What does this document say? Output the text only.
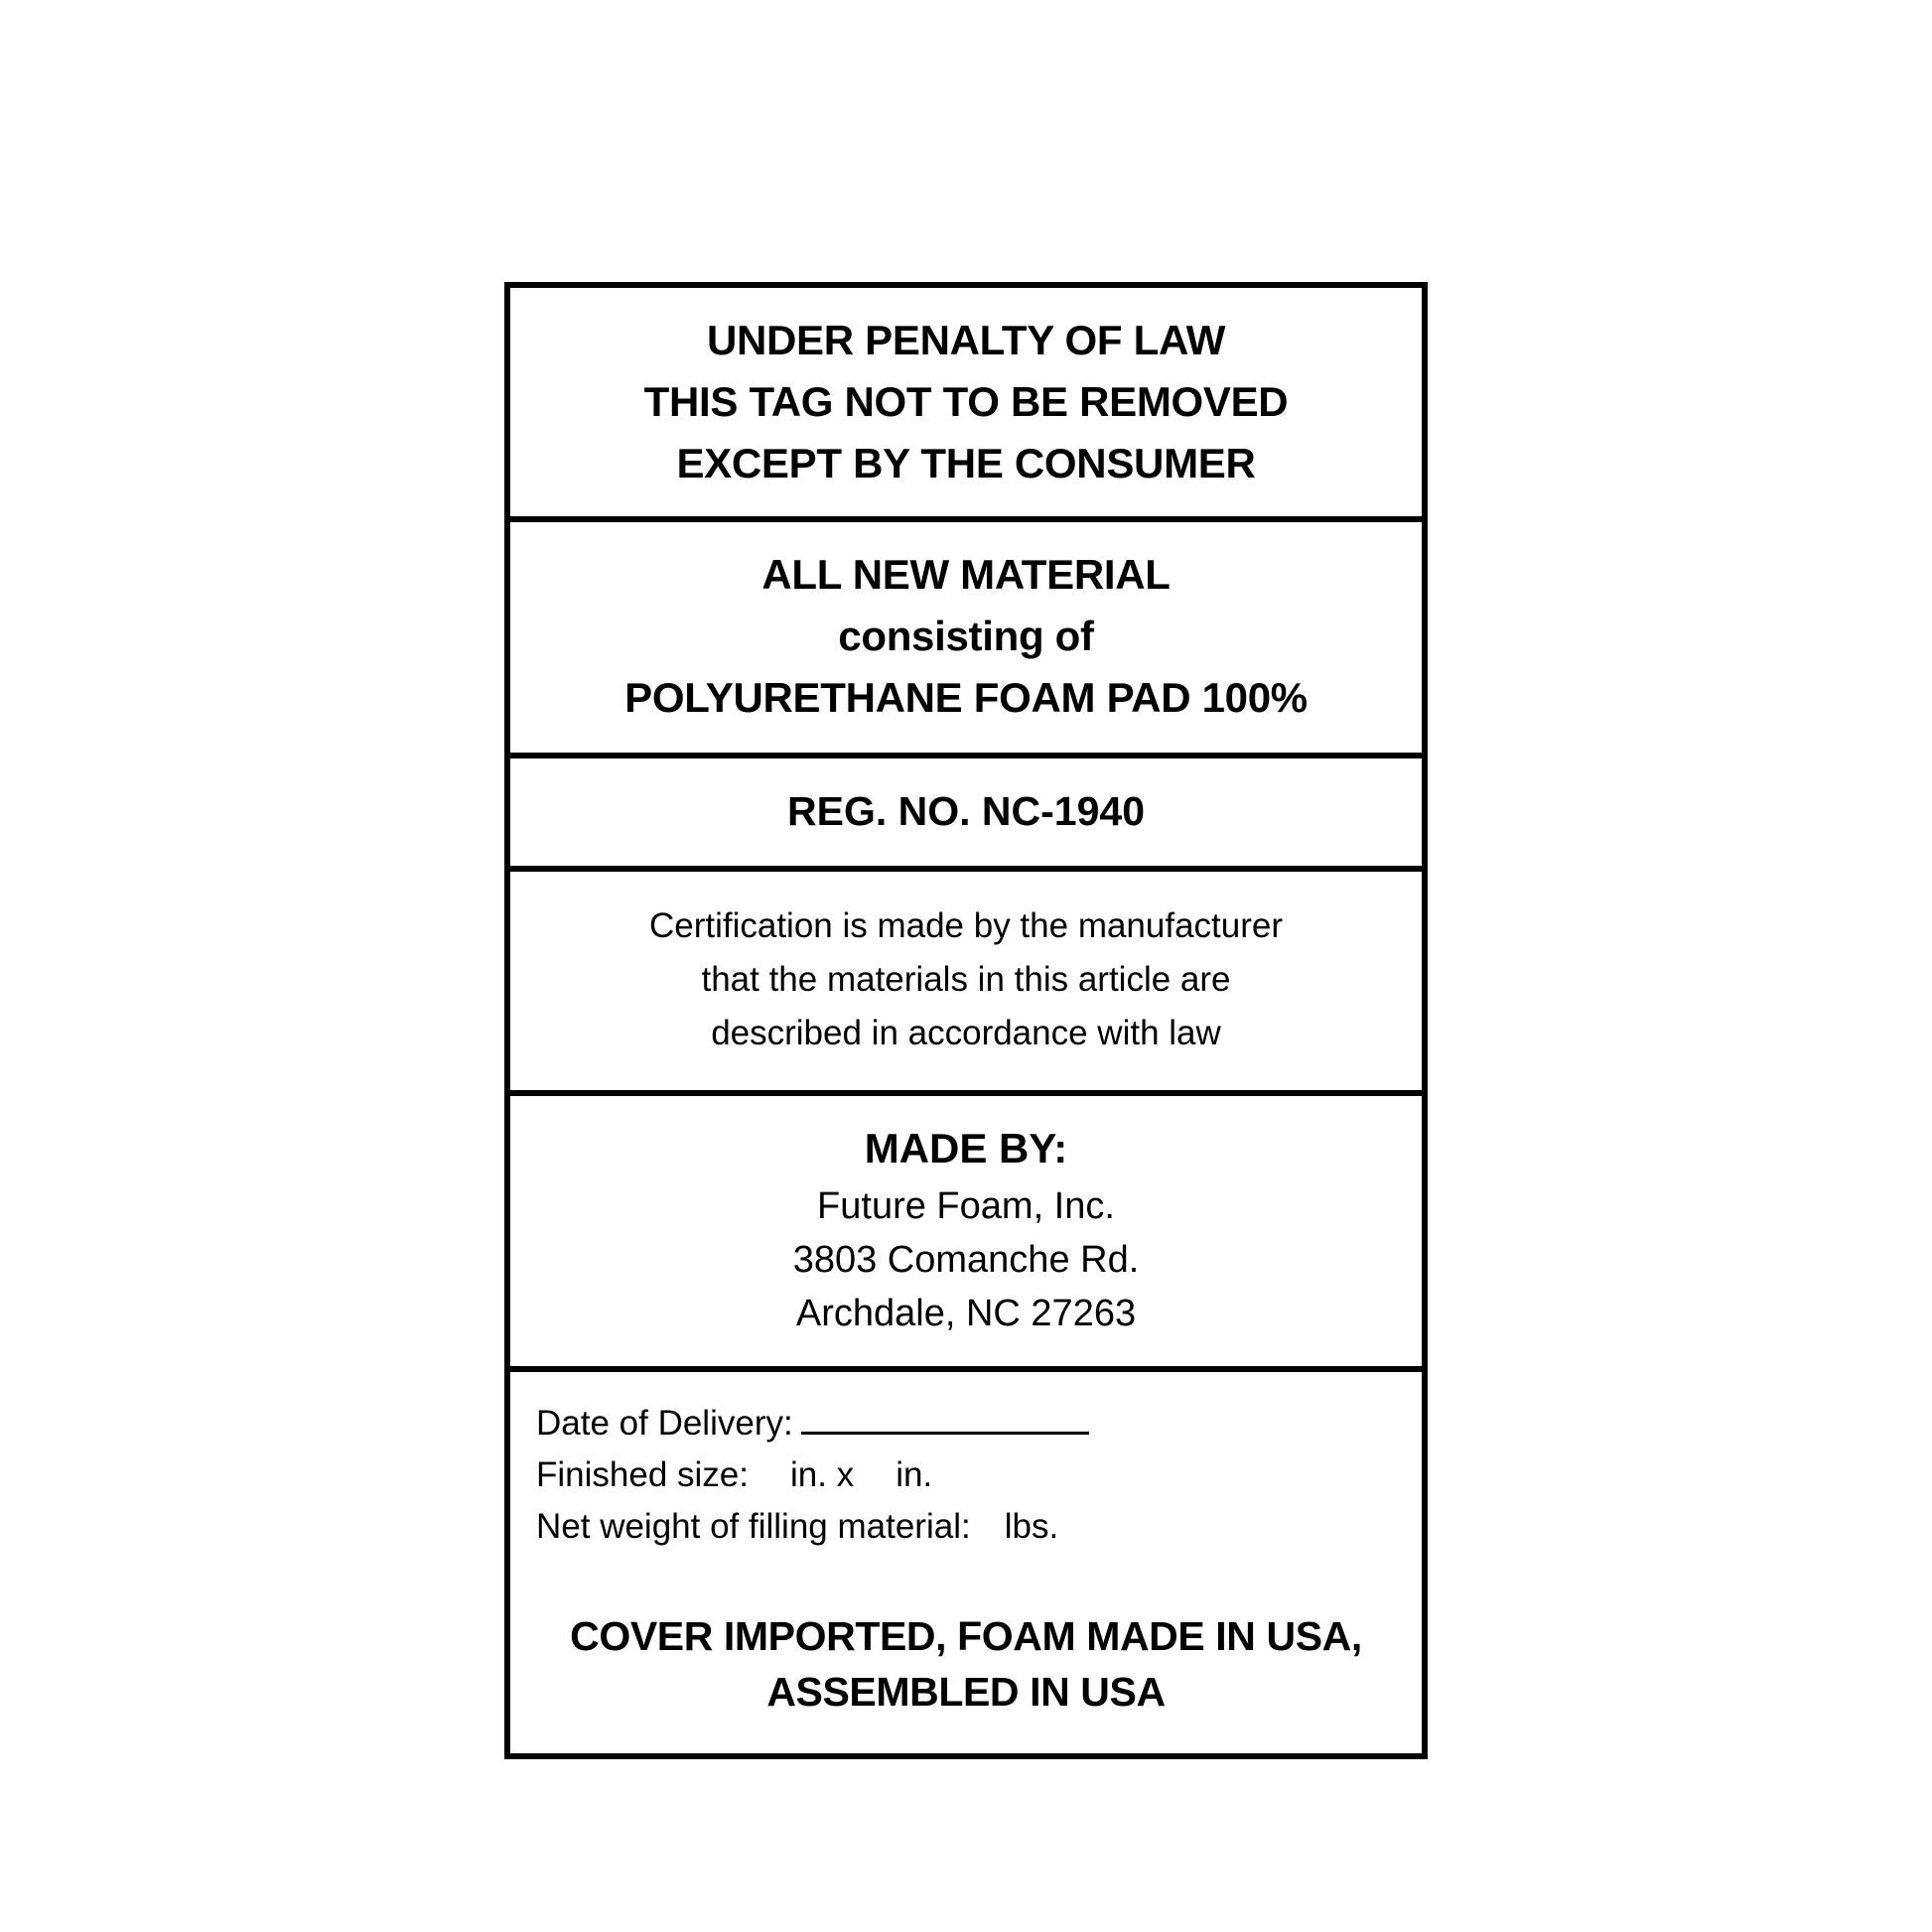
UNDER PENALTY OF LAW
THIS TAG NOT TO BE REMOVED
EXCEPT BY THE CONSUMER
ALL NEW MATERIAL
consisting of
POLYURETHANE FOAM PAD 100%
REG. NO. NC-1940
Certification is made by the manufacturer
that the materials in this article are
described in accordance with law
MADE BY:
Future Foam, Inc.
3803 Comanche Rd.
Archdale, NC 27263
Date of Delivery:
Finished size: in. x in.
Net weight of filling material: lbs.
COVER IMPORTED, FOAM MADE IN USA,
ASSEMBLED IN USA
